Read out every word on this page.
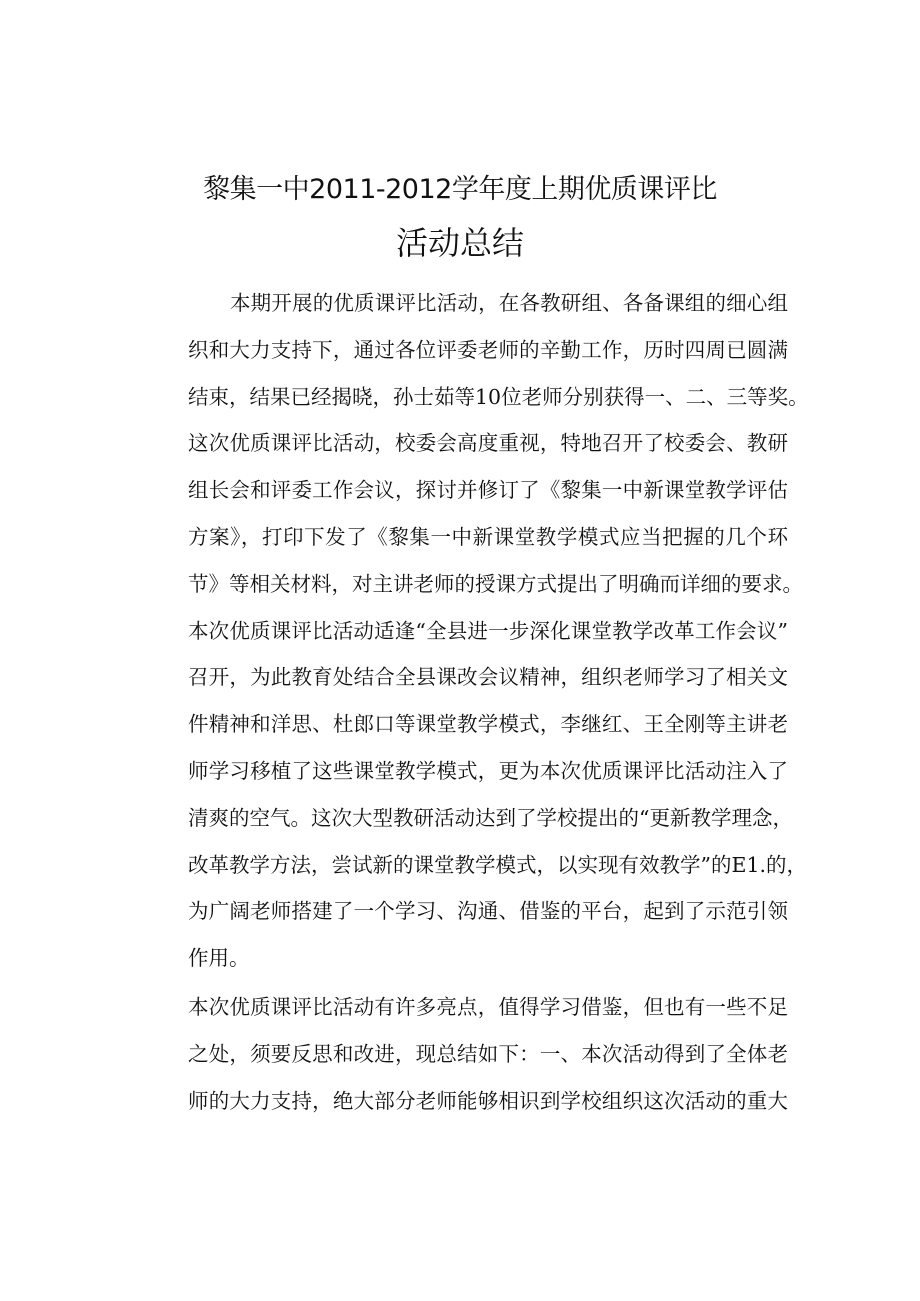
黎集一中2011-2012学年度上期优质课评比
活动总结
本期开展的优质课评比活动，在各教研组、各备课组的细心组
织和大力支持下，通过各位评委老师的辛勤工作，历时四周已圆满
结束，结果已经揭晓，孙士茹等10位老师分别获得一、二、三等奖。
这次优质课评比活动，校委会高度重视，特地召开了校委会、教研
组长会和评委工作会议，探讨并修订了《黎集一中新课堂教学评估
方案》，打印下发了《黎集一中新课堂教学模式应当把握的几个环
节》等相关材料，对主讲老师的授课方式提出了明确而详细的要求。
本次优质课评比活动适逢“全县进一步深化课堂教学改革工作会议”
召开，为此教育处结合全县课改会议精神，组织老师学习了相关文
件精神和洋思、杜郎口等课堂教学模式，李继红、王全刚等主讲老
师学习移植了这些课堂教学模式，更为本次优质课评比活动注入了
清爽的空气。这次大型教研活动达到了学校提出的“更新教学理念，
改革教学方法，尝试新的课堂教学模式，以实现有效教学”的E1.的，
为广阔老师搭建了一个学习、沟通、借鉴的平台，起到了示范引领
作用。
本次优质课评比活动有许多亮点，值得学习借鉴，但也有一些不足
之处，须要反思和改进，现总结如下：一、本次活动得到了全体老
师的大力支持，绝大部分老师能够相识到学校组织这次活动的重大
